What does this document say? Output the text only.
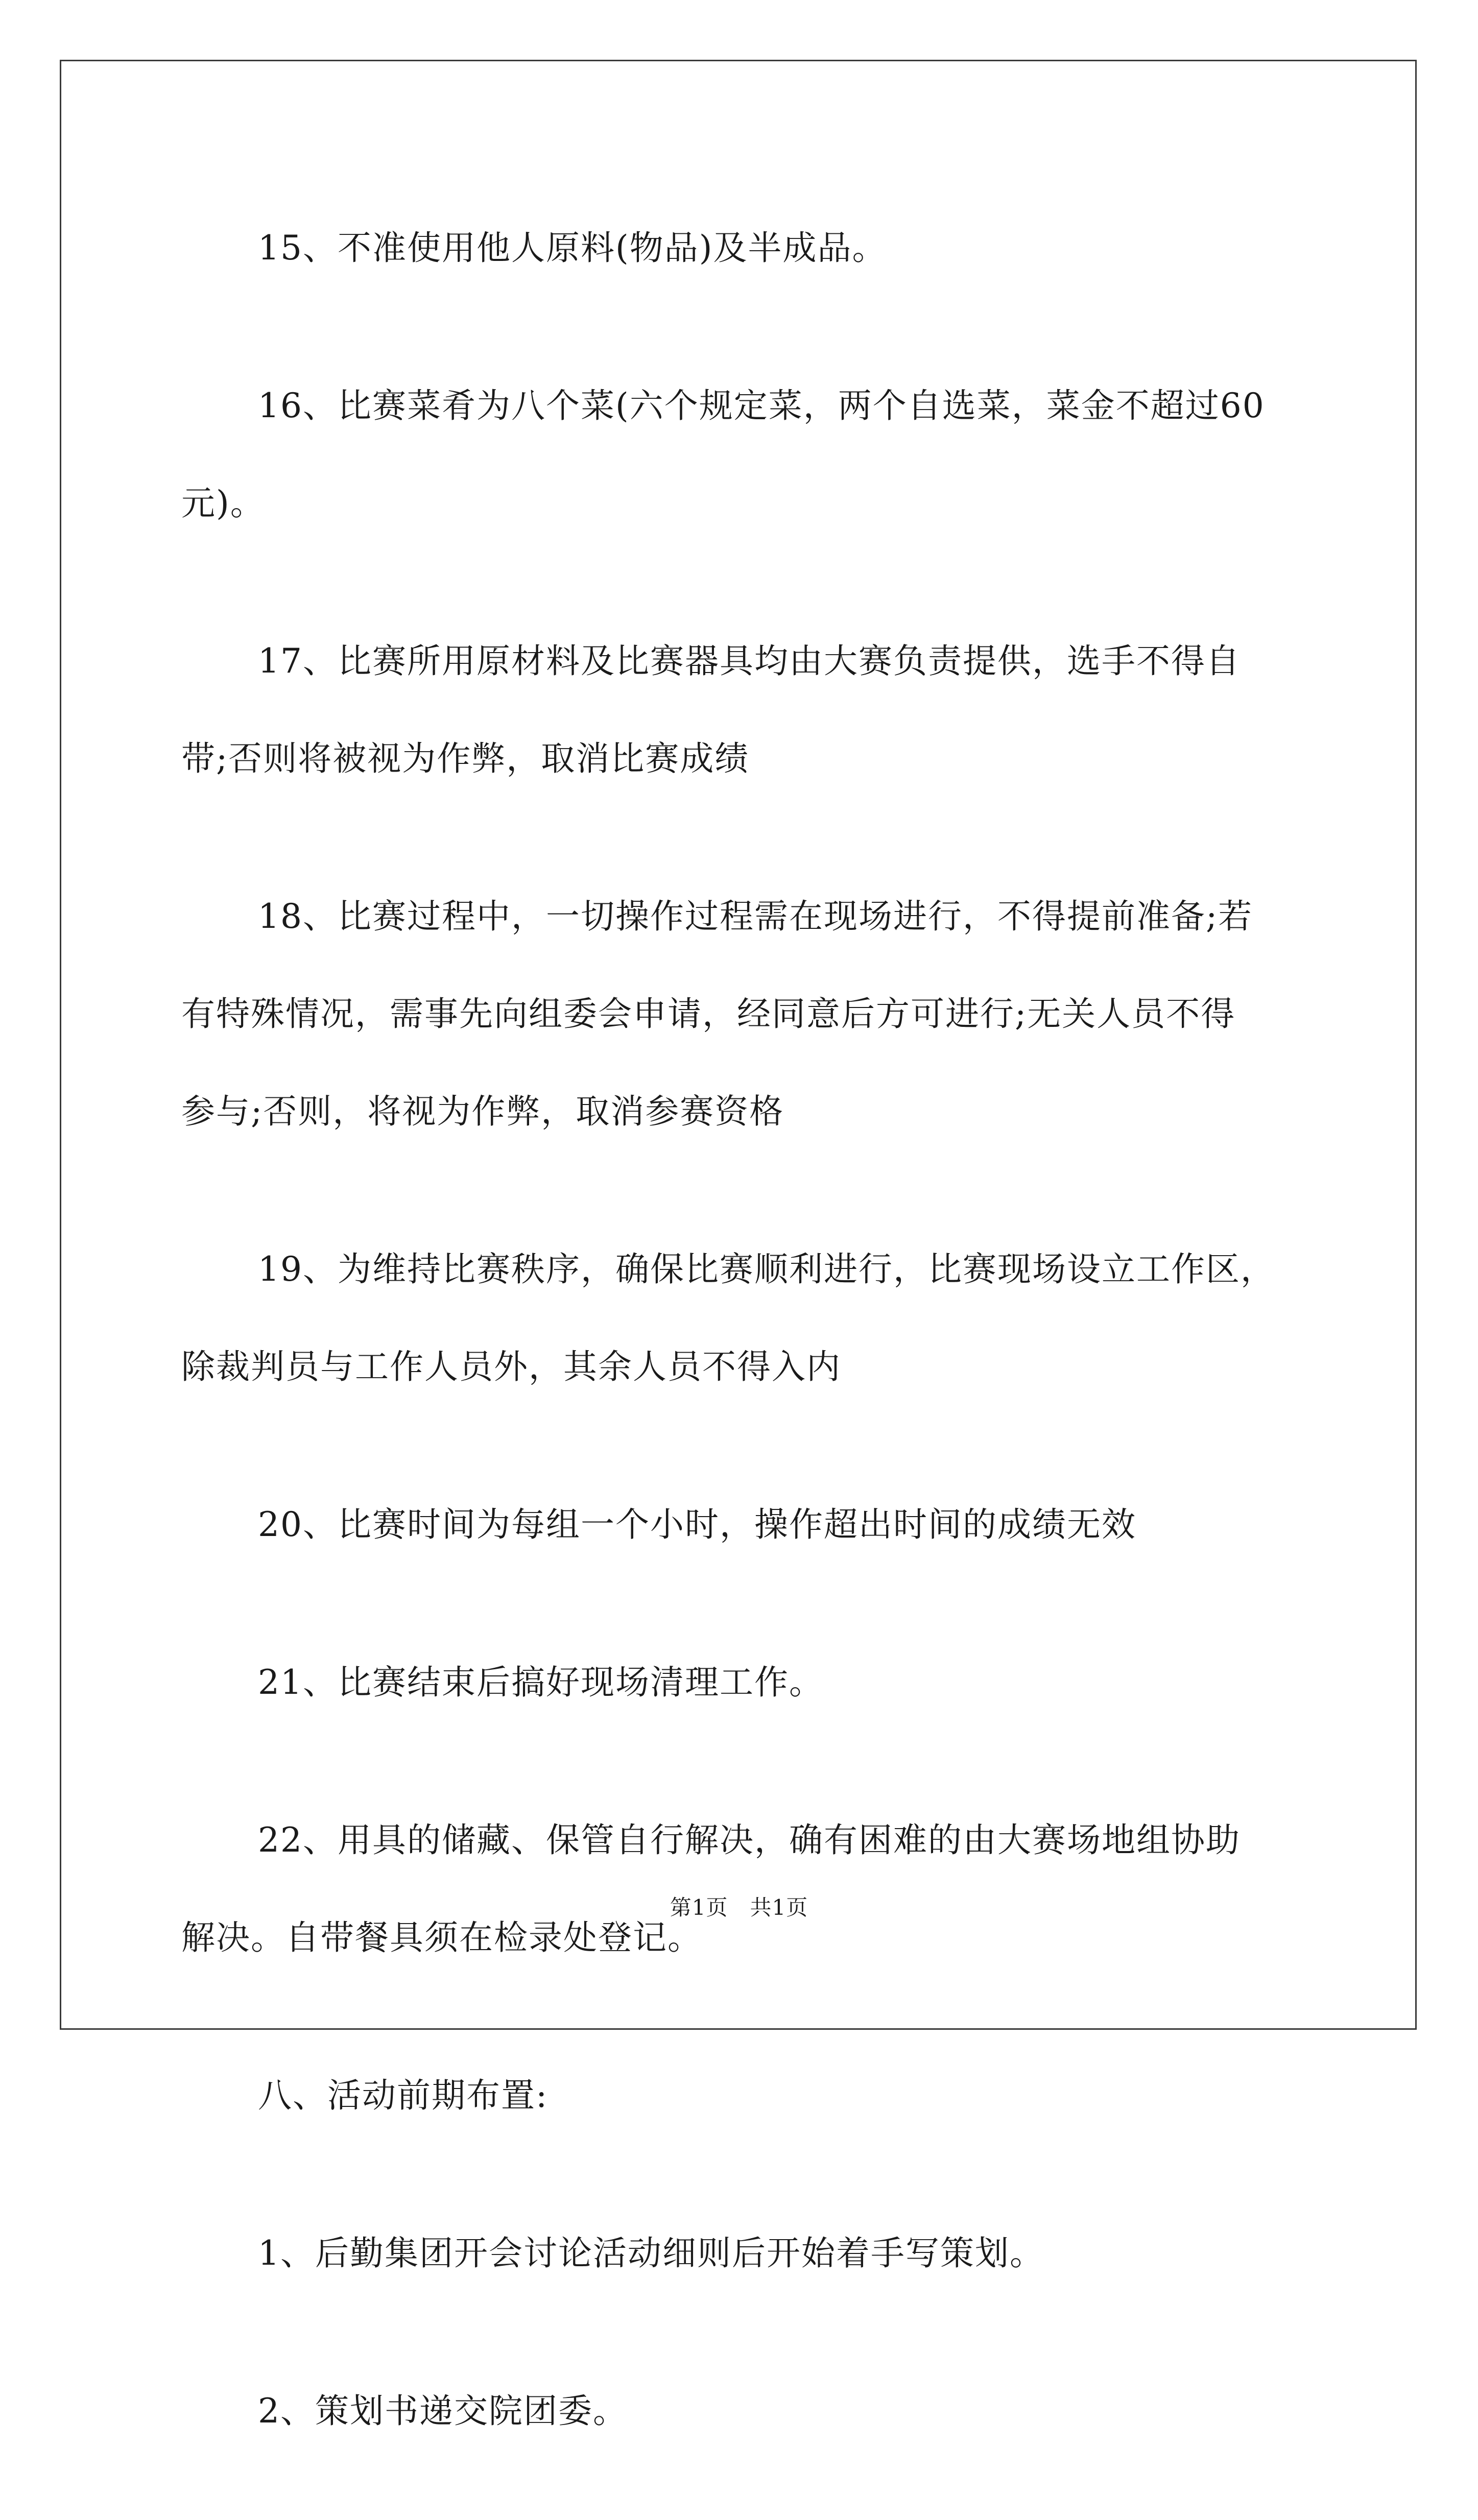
15、不准使用他人原料(物品)及半成品。

16、比赛菜肴为八个菜(六个规定菜，两个自选菜，菜金不超过60
元)。

17、比赛所用原材料及比赛器具均由大赛负责提供，选手不得自
带;否则将被视为作弊，取消比赛成绩

18、比赛过程中，一切操作过程需在现场进行，不得提前准备;若
有特殊情况，需事先向组委会申请，经同意后方可进行;无关人员不得
参与;否则，将视为作弊，取消参赛资格

19、为维持比赛秩序，确保比赛顺利进行，比赛现场设立工作区，
除裁判员与工作人员外，其余人员不得入内

20、比赛时间为每组一个小时，操作超出时间的成绩无效

21、比赛结束后搞好现场清理工作。

22、用具的储藏、保管自行解决，确有困难的由大赛场地组协助
解决。自带餐具须在检录处登记。

八、活动前期布置:

1、后勤集团开会讨论活动细则后开始着手写策划。

2、策划书递交院团委。

第1页　共1页
